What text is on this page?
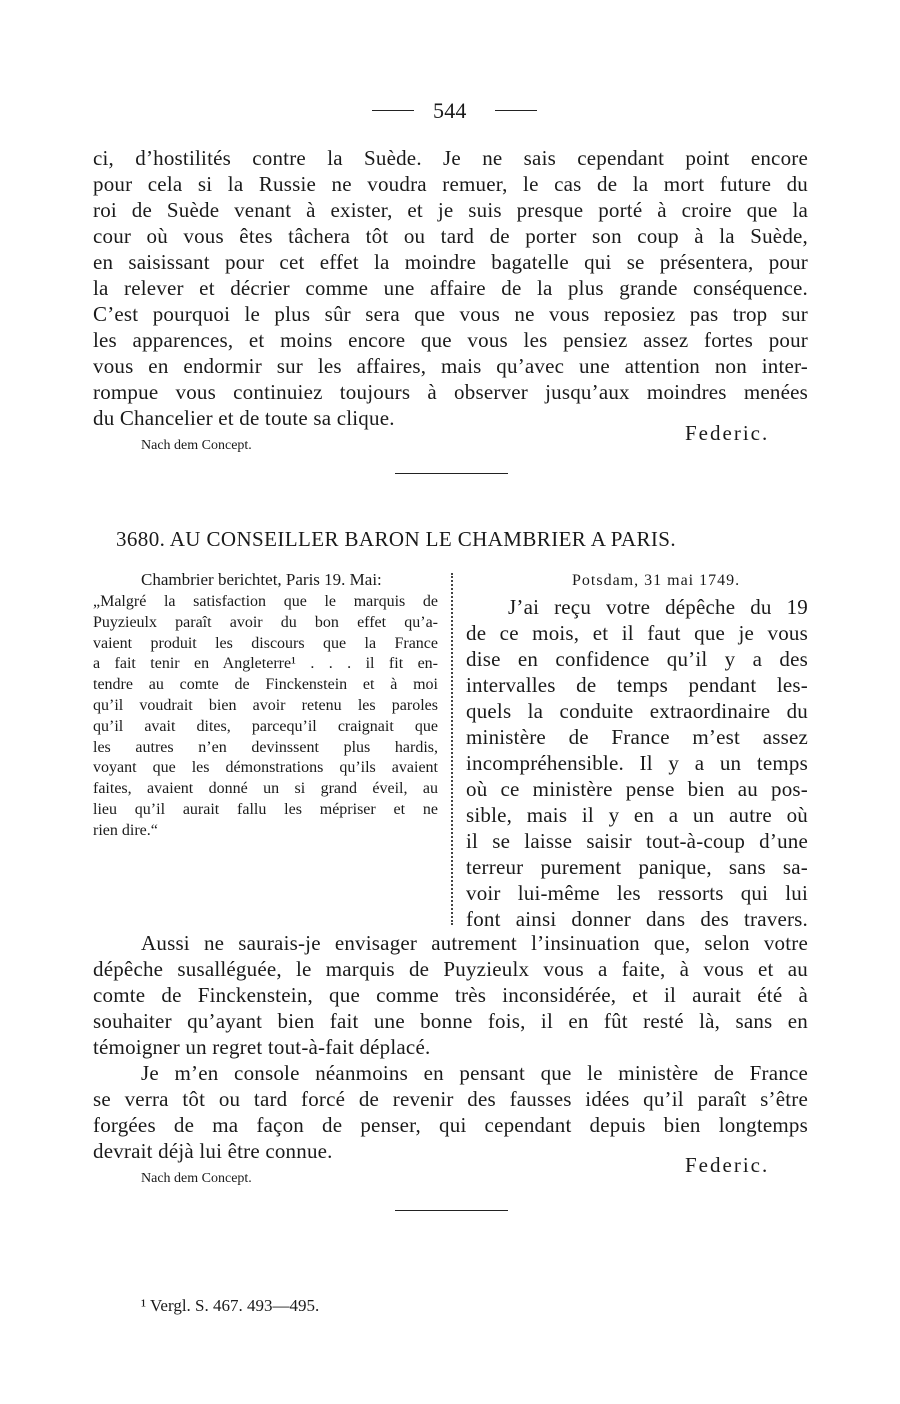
544
ci, d’hostilités contre la Suède. Je ne sais cependant point encore
pour cela si la Russie ne voudra remuer, le cas de la mort future du
roi de Suède venant à exister, et je suis presque porté à croire que la
cour où vous êtes tâchera tôt ou tard de porter son coup à la Suède,
en saisissant pour cet effet la moindre bagatelle qui se présentera, pour
la relever et décrier comme une affaire de la plus grande conséquence.
C’est pourquoi le plus sûr sera que vous ne vous reposiez pas trop sur
les apparences, et moins encore que vous les pensiez assez fortes pour
vous en endormir sur les affaires, mais qu’avec une attention non inter-
rompue vous continuiez toujours à observer jusqu’aux moindres menées
du Chancelier et de toute sa clique.
Federic.
Nach dem Concept.
3680. AU CONSEILLER BARON LE CHAMBRIER A PARIS.
Chambrier berichtet, Paris 19. Mai:
„Malgré la satisfaction que le marquis de
Puyzieulx paraît avoir du bon effet qu’a-
vaient produit les discours que la France
a fait tenir en Angleterre¹ . . . il fit en-
tendre au comte de Finckenstein et à moi
qu’il voudrait bien avoir retenu les paroles
qu’il avait dites, parcequ’il craignait que
les autres n’en devinssent plus hardis,
voyant que les démonstrations qu’ils avaient
faites, avaient donné un si grand éveil, au
lieu qu’il aurait fallu les mépriser et ne
rien dire.“
Potsdam, 31 mai 1749.
J’ai reçu votre dépêche du 19
de ce mois, et il faut que je vous
dise en confidence qu’il y a des
intervalles de temps pendant les-
quels la conduite extraordinaire du
ministère de France m’est assez
incompréhensible. Il y a un temps
où ce ministère pense bien au pos-
sible, mais il y en a un autre où
il se laisse saisir tout-à-coup d’une
terreur purement panique, sans sa-
voir lui-même les ressorts qui lui
font ainsi donner dans des travers.
Aussi ne saurais-je envisager autrement l’insinuation que, selon votre
dépêche susalléguée, le marquis de Puyzieulx vous a faite, à vous et au
comte de Finckenstein, que comme très inconsidérée, et il aurait été à
souhaiter qu’ayant bien fait une bonne fois, il en fût resté là, sans en
témoigner un regret tout-à-fait déplacé.
Je m’en console néanmoins en pensant que le ministère de France
se verra tôt ou tard forcé de revenir des fausses idées qu’il paraît s’être
forgées de ma façon de penser, qui cependant depuis bien longtemps
devrait déjà lui être connue.
Federic.
Nach dem Concept.
¹ Vergl. S. 467. 493—495.
